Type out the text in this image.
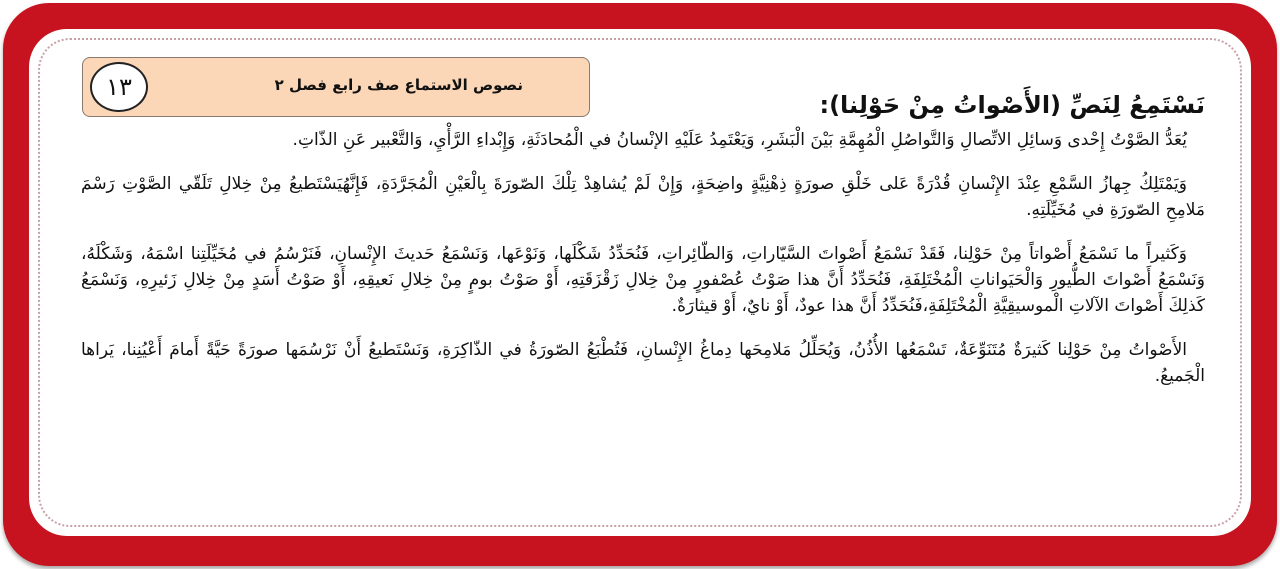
١٣	نصوص الاستماع صف رابع فصل ٢
نَسْتَمِعُ لِنَصِّ (الأَصْواتُ مِنْ حَوْلِنا):

يُعَدُّ الصَّوْتُ إِحْدى وَسائِلِ الاتِّصالِ وَالتَّواصُلِ الْمُهِمَّةِ بَيْنَ الْبَشَرِ، وَيَعْتَمِدُ عَلَيْهِ الإنْسانُ في الْمُحادَثَةِ، وَإِبْداءِ الرَّأْيِ، وَالتَّعْبير عَنِ الذّاتِ.

وَيَمْتَلِكُ جِهازُ السَّمْعِ عِنْدَ الإِنْسانِ قُدْرَةً عَلى خَلْقِ صورَةٍ ذِهْنِيَّةٍ واضِحَةٍ، وَإِنْ لَمْ يُشاهِدْ تِلْكَ الصّورَةَ بِالْعَيْنِ الْمُجَرَّدَةِ، فَإِنَّهُيَسْتَطيعُ مِنْ خِلالِ تَلَقّي الصَّوْتِ رَسْمَ مَلامِحِ الصّورَةِ في مُخَيِّلَتِهِ.

وَكَثيراً ما نَسْمَعُ أَصْواتاً مِنْ حَوْلِنا، فَقَدْ نَسْمَعُ أَصْواتَ السَّيّاراتِ، وَالطّائِراتِ، فَنُحَدِّدُ شَكْلَها، وَنَوْعَها، وَنَسْمَعُ حَديثَ الإِنْسانِ، فَنَرْسُمُ في مُخَيِّلَتِنا اسْمَهُ، وَشَكْلَهُ، وَنَسْمَعُ أَصْواتَ الطُّيورِ وَالْحَيَواناتِ الْمُخْتَلِفَةِ، فَنُحَدِّدُ أَنَّ هذا صَوْتُ عُصْفورٍ مِنْ خِلالِ زَقْزَقَتِهِ، أَوْ صَوْتُ بومٍ مِنْ خِلالِ نَعيقِهِ، أَوْ صَوْتُ أَسَدٍ مِنْ خِلالِ زَئيرِهِ، وَنَسْمَعُ كَذلِكَ أَصْواتَ الآلاتِ الْموسيقِيَّةِ الْمُخْتَلِفَةِ،فَنُحَدِّدُ أَنَّ هذا عودٌ، أَوْ نايٌ، أَوْ قيثارَةٌ.

الأَصْواتُ مِنْ حَوْلِنا كَثيرَةٌ مُتَنَوِّعَةٌ، تَسْمَعُها الأُذُنُ، وَيُحَلِّلُ مَلامِحَها دِماغُ الإِنْسانِ، فَتُطْبَعُ الصّورَةُ في الذّاكِرَةِ، وَنَسْتَطيعُ أَنْ نَرْسُمَها صورَةً حَيَّةً أَمامَ أَعْيُنِنا، يَراها الْجَميعُ.
